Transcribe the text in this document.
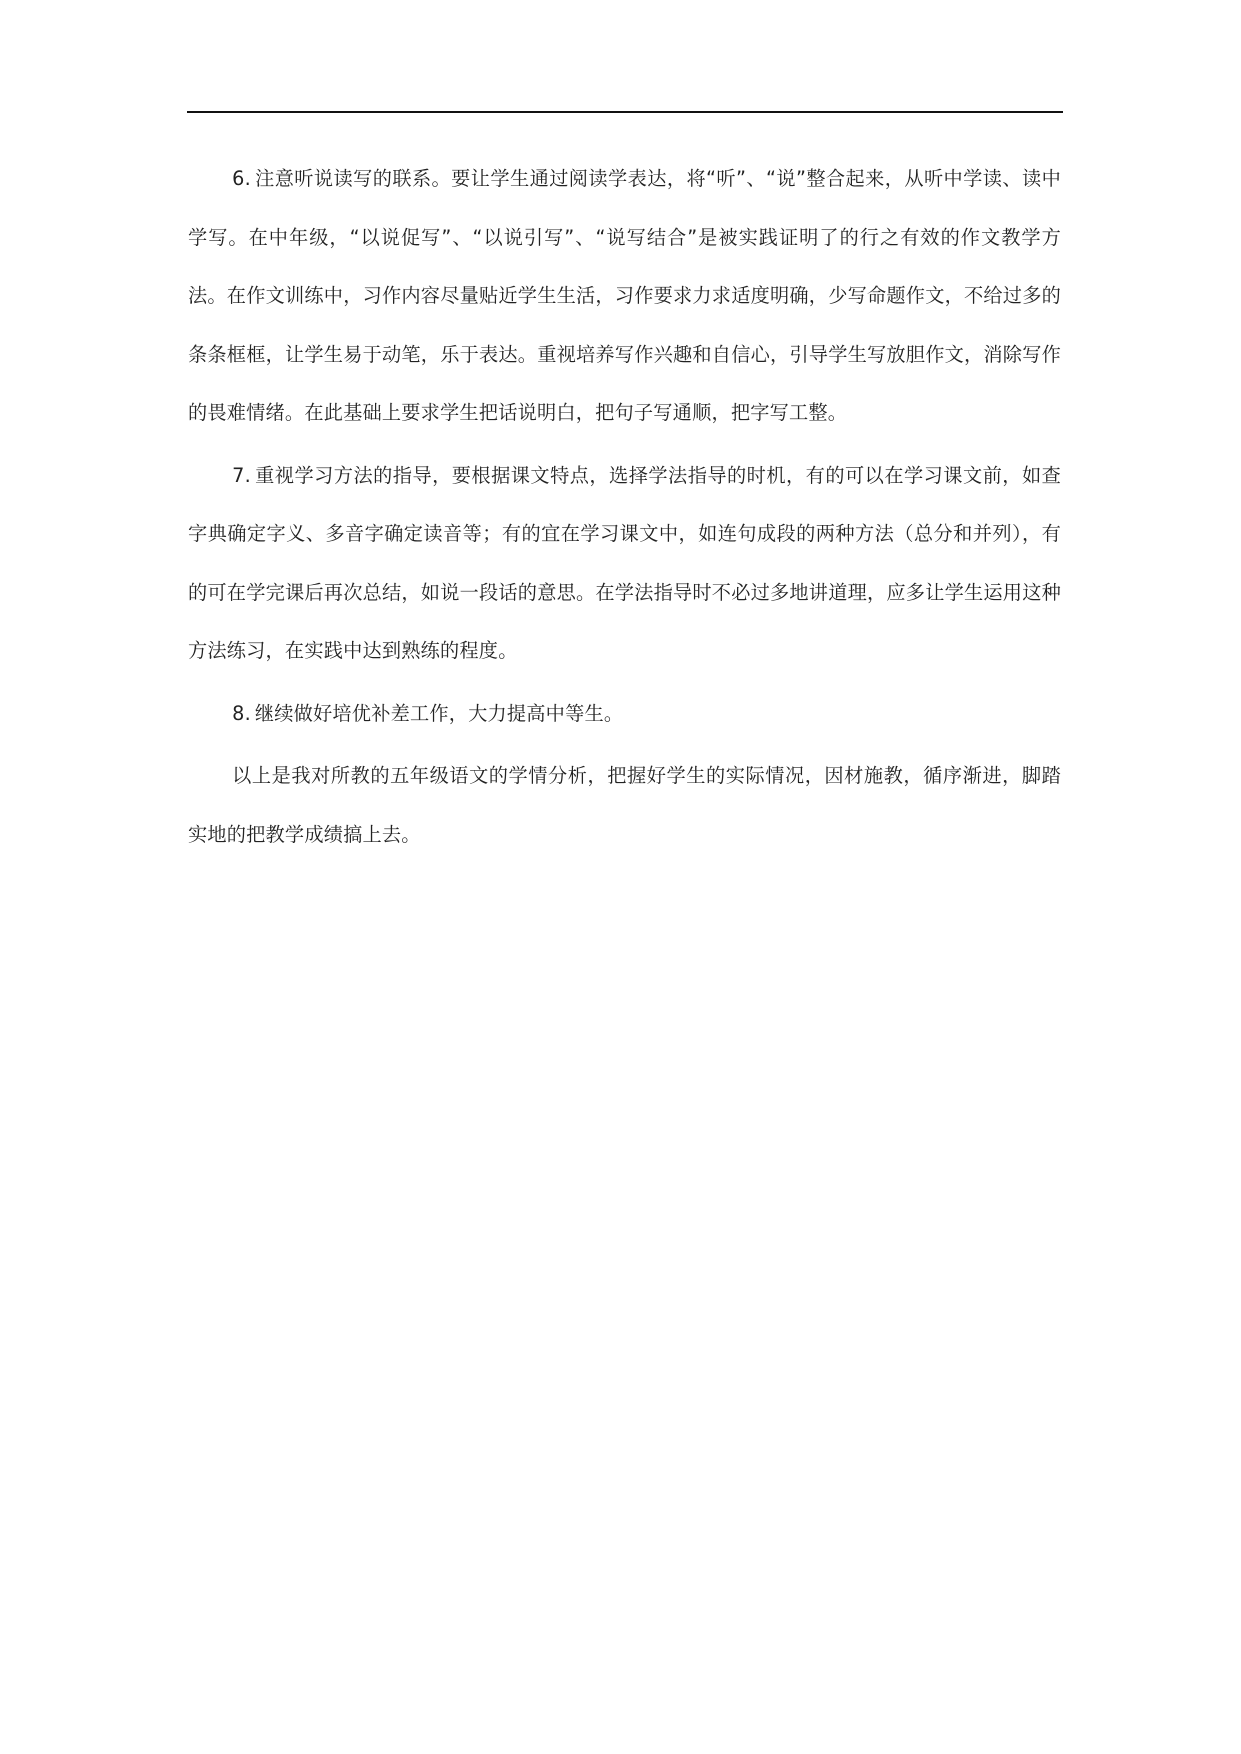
6. 注意听说读写的联系。要让学生通过阅读学表达，将“听”、“说”整合起来，从听中学读、读中学写。在中年级，“以说促写”、“以说引写”、“说写结合”是被实践证明了的行之有效的作文教学方法。在作文训练中，习作内容尽量贴近学生生活，习作要求力求适度明确，少写命题作文，不给过多的条条框框，让学生易于动笔，乐于表达。重视培养写作兴趣和自信心，引导学生写放胆作文，消除写作的畏难情绪。在此基础上要求学生把话说明白，把句子写通顺，把字写工整。

7. 重视学习方法的指导，要根据课文特点，选择学法指导的时机，有的可以在学习课文前，如查字典确定字义、多音字确定读音等；有的宜在学习课文中，如连句成段的两种方法（总分和并列），有的可在学完课后再次总结，如说一段话的意思。在学法指导时不必过多地讲道理，应多让学生运用这种方法练习，在实践中达到熟练的程度。

8. 继续做好培优补差工作，大力提高中等生。

以上是我对所教的五年级语文的学情分析，把握好学生的实际情况，因材施教，循序渐进，脚踏实地的把教学成绩搞上去。
